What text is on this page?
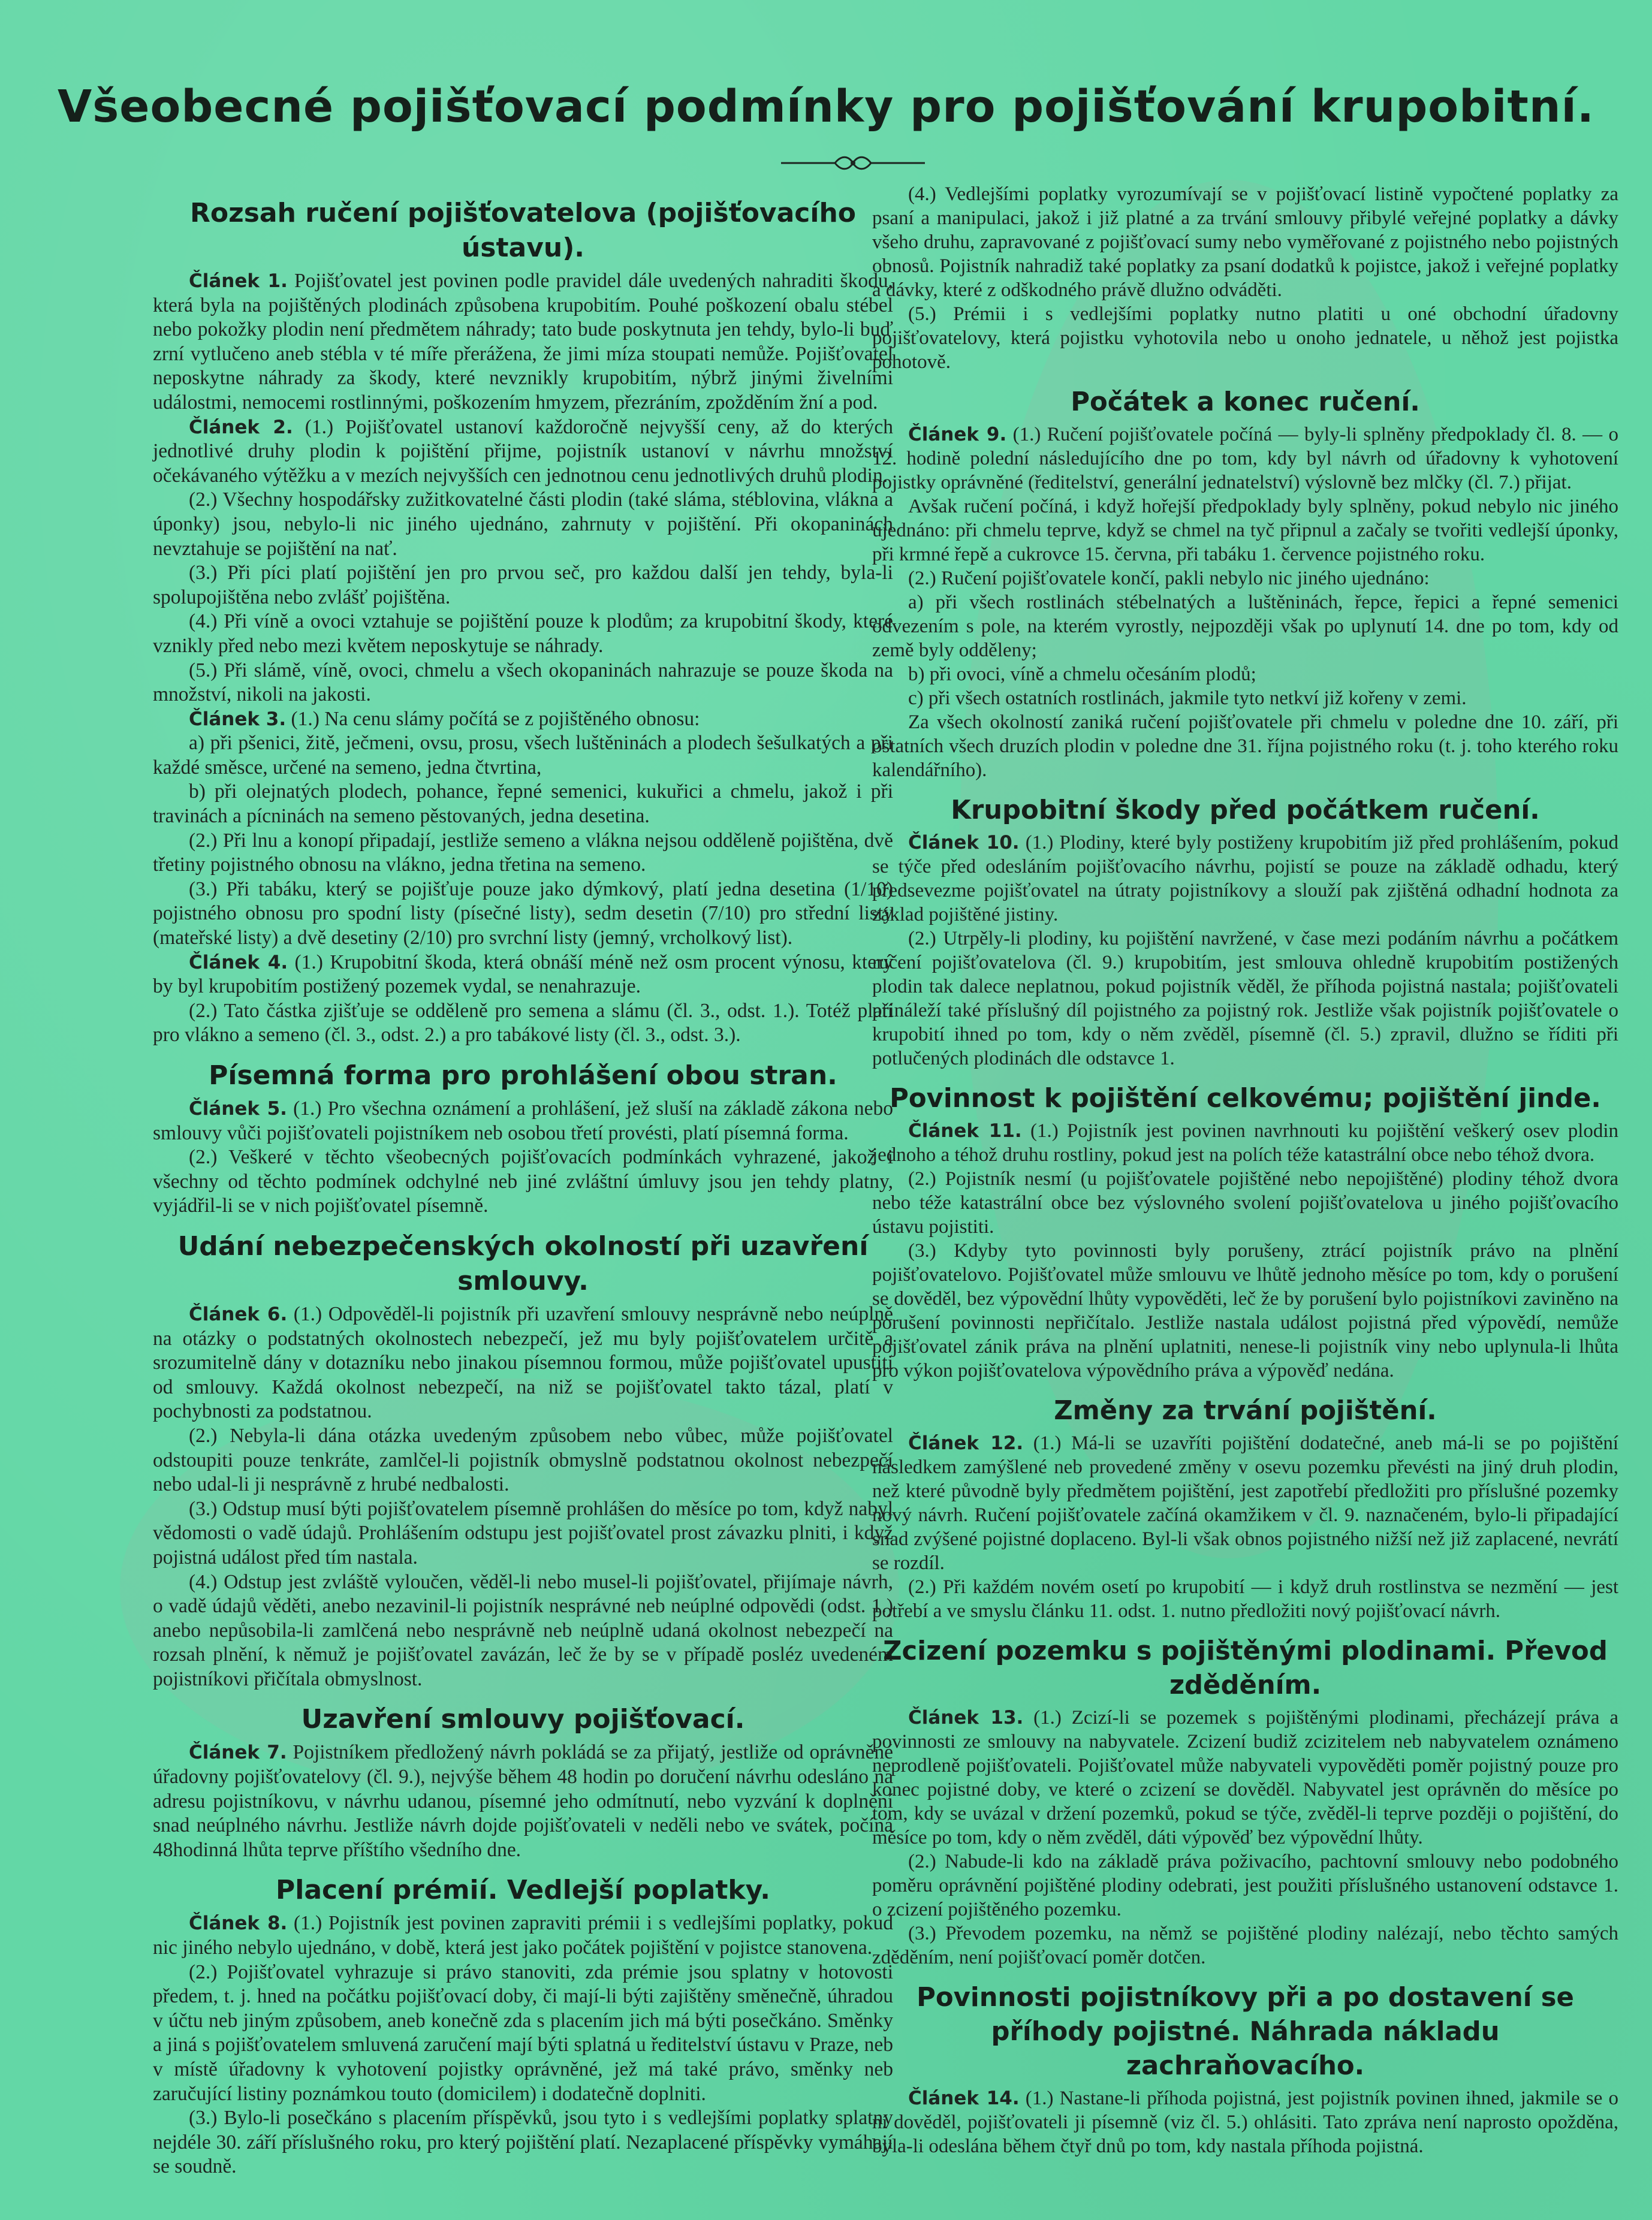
Všeobecné pojišťovací podmínky pro pojišťování krupobitní.
Rozsah ručení pojišťovatelova (pojišťovacího ústavu).

Článek 1. Pojišťovatel jest povinen podle pravidel dále uvedených nahraditi škodu, která byla na pojištěných plodinách způsobena krupobitím. Pouhé poškození obalu stébel nebo pokožky plodin není předmětem náhrady; tato bude poskytnuta jen tehdy, bylo-li buď zrní vytlučeno aneb stébla v té míře přerážena, že jimi míza stoupati nemůže. Pojišťovatel neposkytne náhrady za škody, které nevznikly krupobitím, nýbrž jinými živelními událostmi, nemocemi rostlinnými, poškozením hmyzem, přezráním, zpožděním žní a pod.

Článek 2. (1.) Pojišťovatel ustanoví každoročně nejvyšší ceny, až do kterých jednotlivé druhy plodin k pojištění přijme, pojistník ustanoví v návrhu množství očekávaného výtěžku a v mezích nejvyšších cen jednotnou cenu jednotlivých druhů plodin.

(2.) Všechny hospodářsky zužitkovatelné části plodin (také sláma, stéblovina, vlákna a úponky) jsou, nebylo-li nic jiného ujednáno, zahrnuty v pojištění. Při okopaninách nevztahuje se pojištění na nať.

(3.) Při píci platí pojištění jen pro prvou seč, pro každou další jen tehdy, byla-li spolupojištěna nebo zvlášť pojištěna.

(4.) Při víně a ovoci vztahuje se pojištění pouze k plodům; za krupobitní škody, které vznikly před nebo mezi květem neposkytuje se náhrady.

(5.) Při slámě, víně, ovoci, chmelu a všech okopaninách nahrazuje se pouze škoda na množství, nikoli na jakosti.

Článek 3. (1.) Na cenu slámy počítá se z pojištěného obnosu:

a) při pšenici, žitě, ječmeni, ovsu, prosu, všech luštěninách a plodech šešulkatých a při každé směsce, určené na semeno, jedna čtvrtina,

b) při olejnatých plodech, pohance, řepné semenici, kukuřici a chmelu, jakož i při travinách a pícninách na semeno pěstovaných, jedna desetina.

(2.) Při lnu a konopí připadají, jestliže semeno a vlákna nejsou odděleně pojištěna, dvě třetiny pojistného obnosu na vlákno, jedna třetina na semeno.

(3.) Při tabáku, který se pojišťuje pouze jako dýmkový, platí jedna desetina (1/10) pojistného obnosu pro spodní listy (písečné listy), sedm desetin (7/10) pro střední listy (mateřské listy) a dvě desetiny (2/10) pro svrchní listy (jemný, vrcholkový list).

Článek 4. (1.) Krupobitní škoda, která obnáší méně než osm procent výnosu, který by byl krupobitím postižený pozemek vydal, se nenahrazuje.

(2.) Tato částka zjišťuje se odděleně pro semena a slámu (čl. 3., odst. 1.). Totéž platí pro vlákno a semeno (čl. 3., odst. 2.) a pro tabákové listy (čl. 3., odst. 3.).

Písemná forma pro prohlášení obou stran.

Článek 5. (1.) Pro všechna oznámení a prohlášení, jež sluší na základě zákona nebo smlouvy vůči pojišťovateli pojistníkem neb osobou třetí provésti, platí písemná forma.

(2.) Veškeré v těchto všeobecných pojišťovacích podmínkách vyhrazené, jakož i všechny od těchto podmínek odchylné neb jiné zvláštní úmluvy jsou jen tehdy platny, vyjádřil-li se v nich pojišťovatel písemně.

Udání nebezpečenských okolností při uzavření smlouvy.

Článek 6. (1.) Odpověděl-li pojistník při uzavření smlouvy nesprávně nebo neúplně na otázky o podstatných okolnostech nebezpečí, jež mu byly pojišťovatelem určitě a srozumitelně dány v dotazníku nebo jinakou písemnou formou, může pojišťovatel upustiti od smlouvy. Každá okolnost nebezpečí, na niž se pojišťovatel takto tázal, platí v pochybnosti za podstatnou.

(2.) Nebyla-li dána otázka uvedeným způsobem nebo vůbec, může pojišťovatel odstoupiti pouze tenkráte, zamlčel-li pojistník obmyslně podstatnou okolnost nebezpečí nebo udal-li ji nesprávně z hrubé nedbalosti.

(3.) Odstup musí býti pojišťovatelem písemně prohlášen do měsíce po tom, když nabyl vědomosti o vadě údajů. Prohlášením odstupu jest pojišťovatel prost závazku plniti, i když pojistná událost před tím nastala.

(4.) Odstup jest zvláště vyloučen, věděl-li nebo musel-li pojišťovatel, přijímaje návrh, o vadě údajů věděti, anebo nezavinil-li pojistník nesprávné neb neúplné odpovědi (odst. 1.) anebo nepůsobila-li zamlčená nebo nesprávně neb neúplně udaná okolnost nebezpečí na rozsah plnění, k němuž je pojišťovatel zavázán, leč že by se v případě posléz uvedeném pojistníkovi přičítala obmyslnost.

Uzavření smlouvy pojišťovací.

Článek 7. Pojistníkem předložený návrh pokládá se za přijatý, jestliže od oprávněné úřadovny pojišťovatelovy (čl. 9.), nejvýše během 48 hodin po doručení návrhu odesláno na adresu pojistníkovu, v návrhu udanou, písemné jeho odmítnutí, nebo vyzvání k doplnění snad neúplného návrhu. Jestliže návrh dojde pojišťovateli v neděli nebo ve svátek, počíná 48hodinná lhůta teprve příštího všedního dne.

Placení prémií. Vedlejší poplatky.

Článek 8. (1.) Pojistník jest povinen zapraviti prémii i s vedlejšími poplatky, pokud nic jiného nebylo ujednáno, v době, která jest jako počátek pojištění v pojistce stanovena.

(2.) Pojišťovatel vyhrazuje si právo stanoviti, zda prémie jsou splatny v hotovosti předem, t. j. hned na počátku pojišťovací doby, či mají-li býti zajištěny směnečně, úhradou v účtu neb jiným způsobem, aneb konečně zda s placením jich má býti posečkáno. Směnky a jiná s pojišťovatelem smluvená zaručení mají býti splatná u ředitelství ústavu v Praze, neb v místě úřadovny k vyhotovení pojistky oprávněné, jež má také právo, směnky neb zaručující listiny poznámkou touto (domicilem) i dodatečně doplniti.

(3.) Bylo-li posečkáno s placením příspěvků, jsou tyto i s vedlejšími poplatky splatny nejdéle 30. září příslušného roku, pro který pojištění platí. Nezaplacené příspěvky vymáhají se soudně.

(4.) Vedlejšími poplatky vyrozumívají se v pojišťovací listině vypočtené poplatky za psaní a manipulaci, jakož i již platné a za trvání smlouvy přibylé veřejné poplatky a dávky všeho druhu, zapravované z pojišťovací sumy nebo vyměřované z pojistného nebo pojistných obnosů. Pojistník nahradiž také poplatky za psaní dodatků k pojistce, jakož i veřejné poplatky a dávky, které z odškodného právě dlužno odváděti.

(5.) Prémii i s vedlejšími poplatky nutno platiti u oné obchodní úřadovny pojišťovatelovy, která pojistku vyhotovila nebo u onoho jednatele, u něhož jest pojistka pohotově.

Počátek a konec ručení.

Článek 9. (1.) Ručení pojišťovatele počíná — byly-li splněny předpoklady čl. 8. — o 12. hodině polední následujícího dne po tom, kdy byl návrh od úřadovny k vyhotovení pojistky oprávněné (ředitelství, generální jednatelství) výslovně bez mlčky (čl. 7.) přijat.

Avšak ručení počíná, i když hořejší předpoklady byly splněny, pokud nebylo nic jiného ujednáno: při chmelu teprve, když se chmel na tyč připnul a začaly se tvořiti vedlejší úponky, při krmné řepě a cukrovce 15. června, při tabáku 1. července pojistného roku.

(2.) Ručení pojišťovatele končí, pakli nebylo nic jiného ujednáno:

a) při všech rostlinách stébelnatých a luštěninách, řepce, řepici a řepné semenici odvezením s pole, na kterém vyrostly, nejpozději však po uplynutí 14. dne po tom, kdy od země byly odděleny;

b) při ovoci, víně a chmelu očesáním plodů;

c) při všech ostatních rostlinách, jakmile tyto netkví již kořeny v zemi.

Za všech okolností zaniká ručení pojišťovatele při chmelu v poledne dne 10. září, při ostatních všech druzích plodin v poledne dne 31. října pojistného roku (t. j. toho kterého roku kalendářního).

Krupobitní škody před počátkem ručení.

Článek 10. (1.) Plodiny, které byly postiženy krupobitím již před prohlášením, pokud se týče před odesláním pojišťovacího návrhu, pojistí se pouze na základě odhadu, který předsevezme pojišťovatel na útraty pojistníkovy a slouží pak zjištěná odhadní hodnota za základ pojištěné jistiny.

(2.) Utrpěly-li plodiny, ku pojištění navržené, v čase mezi podáním návrhu a počátkem ručení pojišťovatelova (čl. 9.) krupobitím, jest smlouva ohledně krupobitím postižených plodin tak dalece neplatnou, pokud pojistník věděl, že příhoda pojistná nastala; pojišťovateli přináleží také příslušný díl pojistného za pojistný rok. Jestliže však pojistník pojišťovatele o krupobití ihned po tom, kdy o něm zvěděl, písemně (čl. 5.) zpravil, dlužno se říditi při potlučených plodinách dle odstavce 1.

Povinnost k pojištění celkovému; pojištění jinde.

Článek 11. (1.) Pojistník jest povinen navrhnouti ku pojištění veškerý osev plodin jednoho a téhož druhu rostliny, pokud jest na polích téže katastrální obce nebo téhož dvora.

(2.) Pojistník nesmí (u pojišťovatele pojištěné nebo nepojištěné) plodiny téhož dvora nebo téže katastrální obce bez výslovného svolení pojišťovatelova u jiného pojišťovacího ústavu pojistiti.

(3.) Kdyby tyto povinnosti byly porušeny, ztrácí pojistník právo na plnění pojišťovatelovo. Pojišťovatel může smlouvu ve lhůtě jednoho měsíce po tom, kdy o porušení se dověděl, bez výpovědní lhůty vypověděti, leč že by porušení bylo pojistníkovi zaviněno na porušení povinnosti nepřičítalo. Jestliže nastala událost pojistná před výpovědí, nemůže pojišťovatel zánik práva na plnění uplatniti, nenese-li pojistník viny nebo uplynula-li lhůta pro výkon pojišťovatelova výpovědního práva a výpověď nedána.

Změny za trvání pojištění.

Článek 12. (1.) Má-li se uzavříti pojištění dodatečné, aneb má-li se po pojištění následkem zamýšlené neb provedené změny v osevu pozemku převésti na jiný druh plodin, než které původně byly předmětem pojištění, jest zapotřebí předložiti pro příslušné pozemky nový návrh. Ručení pojišťovatele začíná okamžikem v čl. 9. naznačeném, bylo-li připadající snad zvýšené pojistné doplaceno. Byl-li však obnos pojistného nižší než již zaplacené, nevrátí se rozdíl.

(2.) Při každém novém osetí po krupobití — i když druh rostlinstva se nezmění — jest potřebí a ve smyslu článku 11. odst. 1. nutno předložiti nový pojišťovací návrh.

Zcizení pozemku s pojištěnými plodinami. Převod zděděním.

Článek 13. (1.) Zcizí-li se pozemek s pojištěnými plodinami, přecházejí práva a povinnosti ze smlouvy na nabyvatele. Zcizení budiž zcizitelem neb nabyvatelem oznámeno neprodleně pojišťovateli. Pojišťovatel může nabyvateli vypověděti poměr pojistný pouze pro konec pojistné doby, ve které o zcizení se dověděl. Nabyvatel jest oprávněn do měsíce po tom, kdy se uvázal v držení pozemků, pokud se týče, zvěděl-li teprve později o pojištění, do měsíce po tom, kdy o něm zvěděl, dáti výpověď bez výpovědní lhůty.

(2.) Nabude-li kdo na základě práva poživacího, pachtovní smlouvy nebo podobného poměru oprávnění pojištěné plodiny odebrati, jest použiti příslušného ustanovení odstavce 1. o zcizení pojištěného pozemku.

(3.) Převodem pozemku, na němž se pojištěné plodiny nalézají, nebo těchto samých zděděním, není pojišťovací poměr dotčen.

Povinnosti pojistníkovy při a po dostavení se příhody pojistné. Náhrada nákladu zachraňovacího.

Článek 14. (1.) Nastane-li příhoda pojistná, jest pojistník povinen ihned, jakmile se o ní dověděl, pojišťovateli ji písemně (viz čl. 5.) ohlásiti. Tato zpráva není naprosto opožděna, byla-li odeslána během čtyř dnů po tom, kdy nastala příhoda pojistná.
